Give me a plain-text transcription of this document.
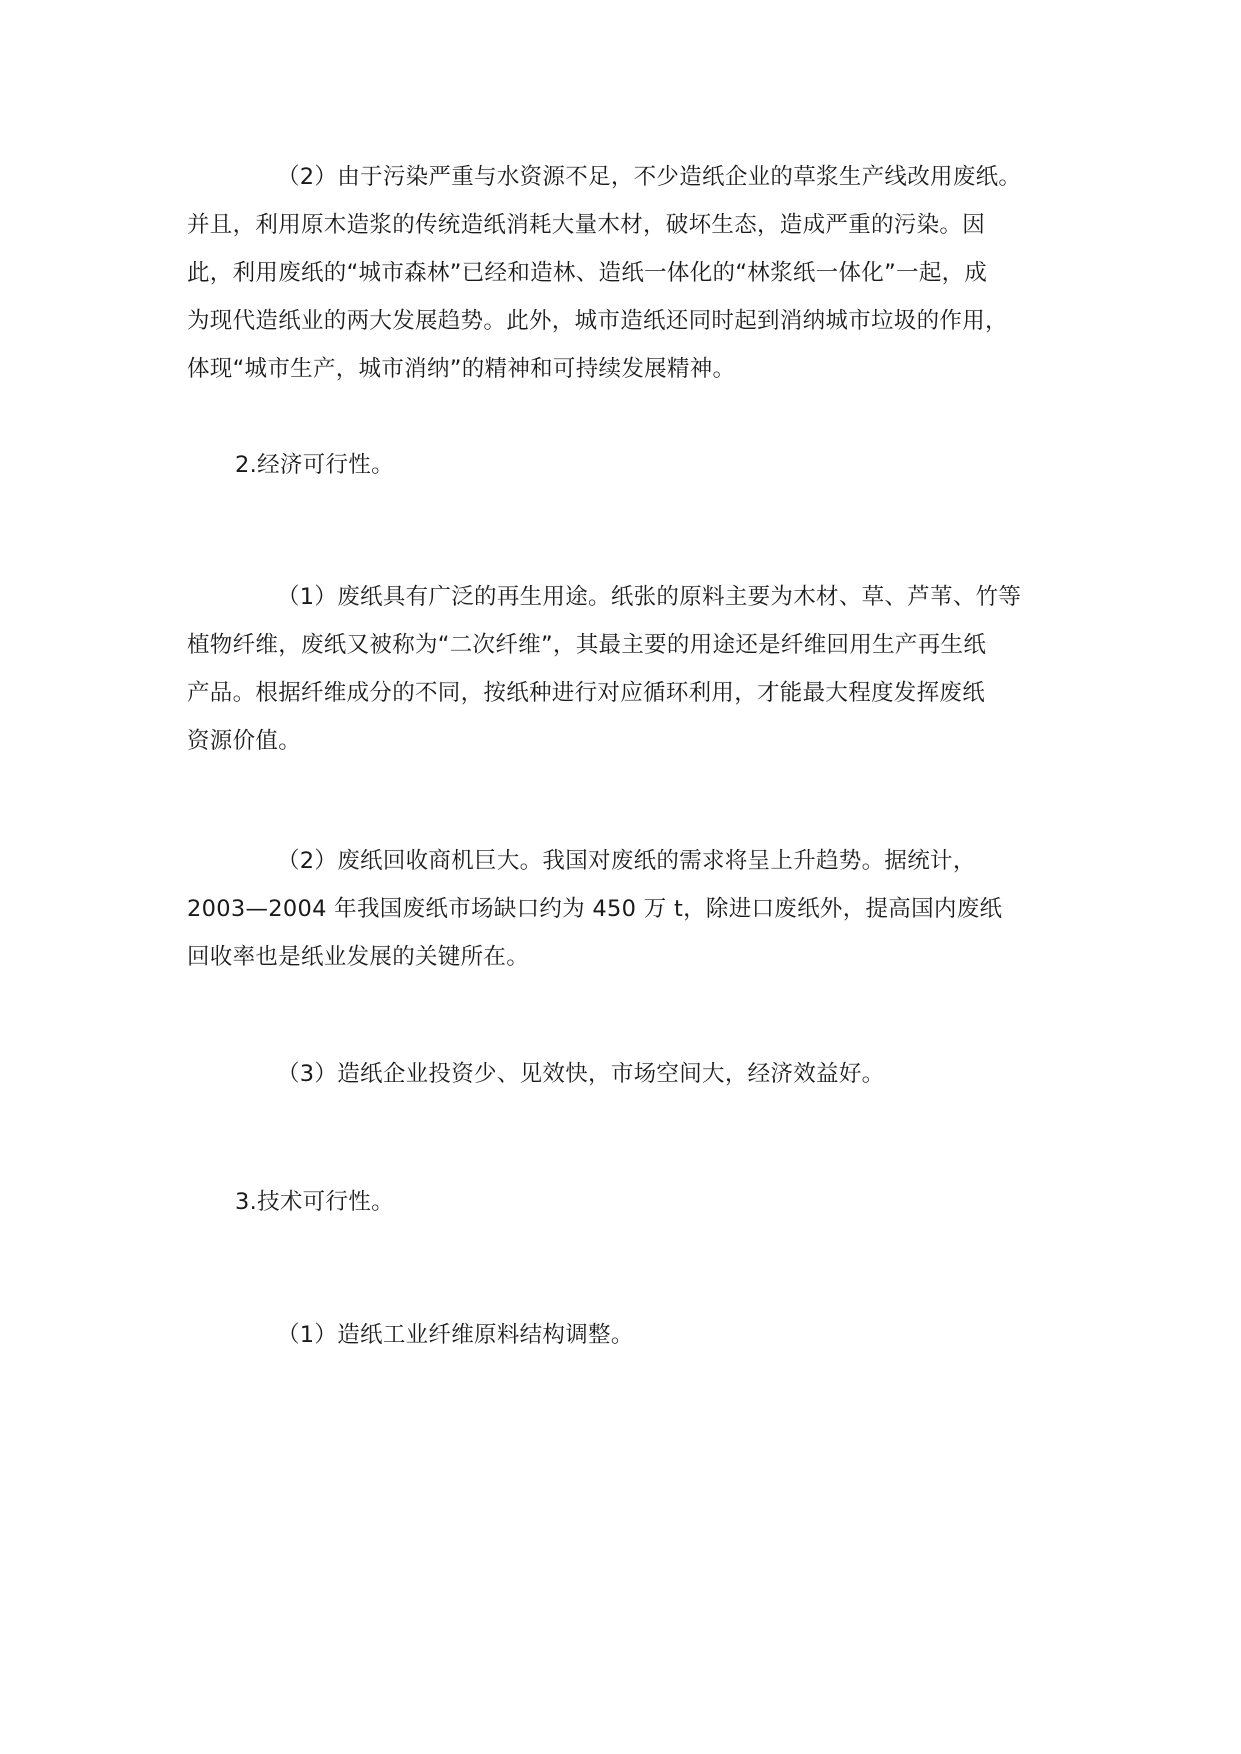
（2）由于污染严重与水资源不足，不少造纸企业的草浆生产线改用废纸。
并且，利用原木造浆的传统造纸消耗大量木材，破坏生态，造成严重的污染。因
此，利用废纸的“城市森林”已经和造林、造纸一体化的“林浆纸一体化”一起，成
为现代造纸业的两大发展趋势。此外，城市造纸还同时起到消纳城市垃圾的作用，
体现“城市生产，城市消纳”的精神和可持续发展精神。
2.经济可行性。
（1）废纸具有广泛的再生用途。纸张的原料主要为木材、草、芦苇、竹等
植物纤维，废纸又被称为“二次纤维”，其最主要的用途还是纤维回用生产再生纸
产品。根据纤维成分的不同，按纸种进行对应循环利用，才能最大程度发挥废纸
资源价值。
（2）废纸回收商机巨大。我国对废纸的需求将呈上升趋势。据统计，
2003—2004 年我国废纸市场缺口约为 450 万 t，除进口废纸外，提高国内废纸
回收率也是纸业发展的关键所在。
（3）造纸企业投资少、见效快，市场空间大，经济效益好。
3.技术可行性。
（1）造纸工业纤维原料结构调整。
